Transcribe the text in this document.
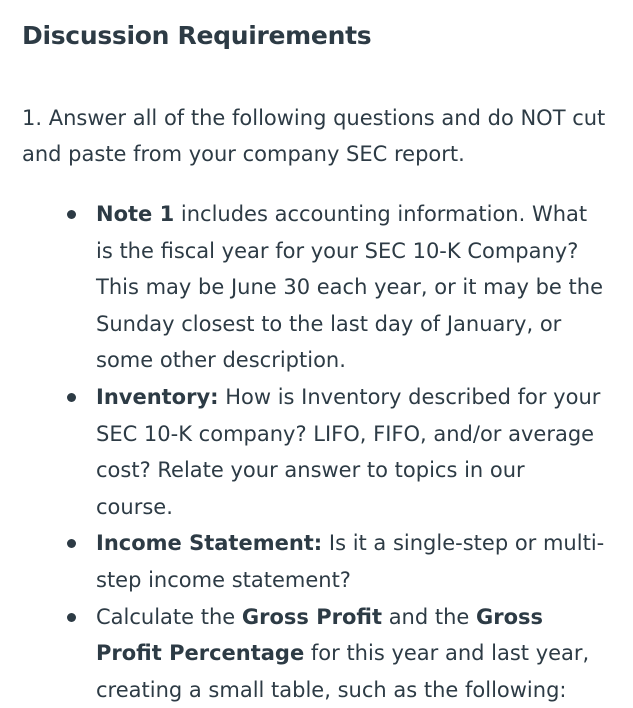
Discussion Requirements

1. Answer all of the following questions and do NOT cut and paste from your company SEC report.

Note 1 includes accounting information. What is the fiscal year for your SEC 10-K Company? This may be June 30 each year, or it may be the Sunday closest to the last day of January, or some other description.
Inventory: How is Inventory described for your SEC 10-K company? LIFO, FIFO, and/or average cost? Relate your answer to topics in our course.
Income Statement: Is it a single-step or multi-step income statement?
Calculate the Gross Profit and the Gross Profit Percentage for this year and last year, creating a small table, such as the following:
